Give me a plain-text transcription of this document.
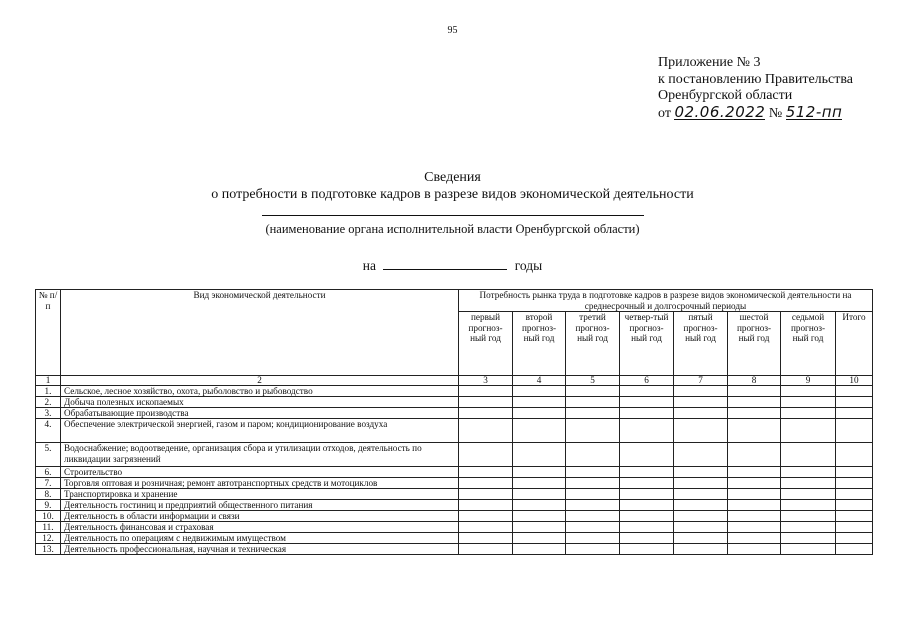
95
Приложение № 3
к постановлению Правительства
Оренбургской области
от 02.06.2022 № 512-пп
Сведения
о потребности в подготовке кадров в разрезе видов экономической деятельности
(наименование органа исполнительной власти Оренбургской области)
на	годы
№ п/п	Вид экономической деятельности	Потребность рынка труда в подготовке кадров в разрезе видов экономической деятельности на среднесрочный и долгосрочный периоды							
		первый прогноз-ный год	второй прогноз-ный год	третий прогноз-ный год	четвер-тый прогноз-ный год	пятый прогноз-ный год	шестой прогноз-ный год	седьмой прогноз-ный год	Итого
1	2	3	4	5	6	7	8	9	10
1.	Сельское, лесное хозяйство, охота, рыболовство и рыбоводство								
2.	Добыча полезных ископаемых								
3.	Обрабатывающие производства								
4.	Обеспечение электрической энергией, газом и паром; кондиционирование воздуха								
5.	Водоснабжение; водоотведение, организация сбора и утилизации отходов, деятельность по ликвидации загрязнений								
6.	Строительство								
7.	Торговля оптовая и розничная; ремонт автотранспортных средств и мотоциклов								
8.	Транспортировка и хранение								
9.	Деятельность гостиниц и предприятий общественного питания								
10.	Деятельность в области информации и связи								
11.	Деятельность финансовая и страховая								
12.	Деятельность по операциям с недвижимым имуществом								
13.	Деятельность профессиональная, научная и техническая								
